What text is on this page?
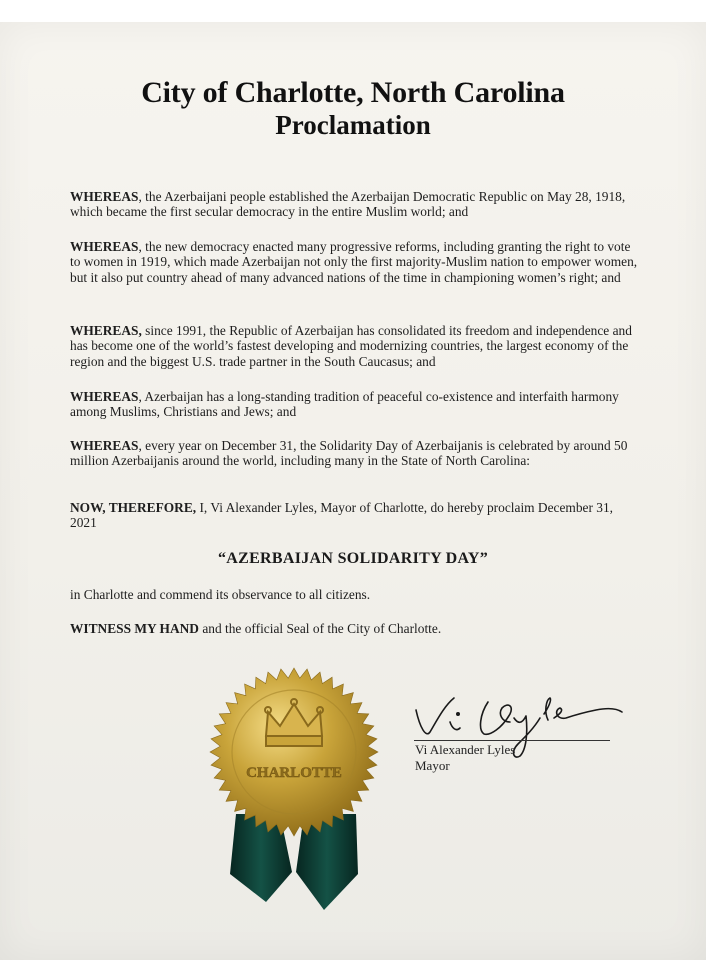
City of Charlotte, North Carolina
Proclamation
WHEREAS, the Azerbaijani people established the Azerbaijan Democratic Republic on May 28, 1918, which became the first secular democracy in the entire Muslim world; and
WHEREAS, the new democracy enacted many progressive reforms, including granting the right to vote to women in 1919, which made Azerbaijan not only the first majority-Muslim nation to empower women, but it also put country ahead of many advanced nations of the time in championing women’s right; and
WHEREAS, since 1991, the Republic of Azerbaijan has consolidated its freedom and independence and has become one of the world’s fastest developing and modernizing countries, the largest economy of the region and the biggest U.S. trade partner in the South Caucasus; and
WHEREAS, Azerbaijan has a long-standing tradition of peaceful co-existence and interfaith harmony among Muslims, Christians and Jews; and
WHEREAS, every year on December 31, the Solidarity Day of Azerbaijanis is celebrated by around 50 million Azerbaijanis around the world, including many in the State of North Carolina:
NOW, THEREFORE, I, Vi Alexander Lyles, Mayor of Charlotte, do hereby proclaim December 31, 2021
“AZERBAIJAN SOLIDARITY DAY”
in Charlotte and commend its observance to all citizens.
WITNESS MY HAND and the official Seal of the City of Charlotte.
CHARLOTTE
Vi Alexander Lyles
Mayor
